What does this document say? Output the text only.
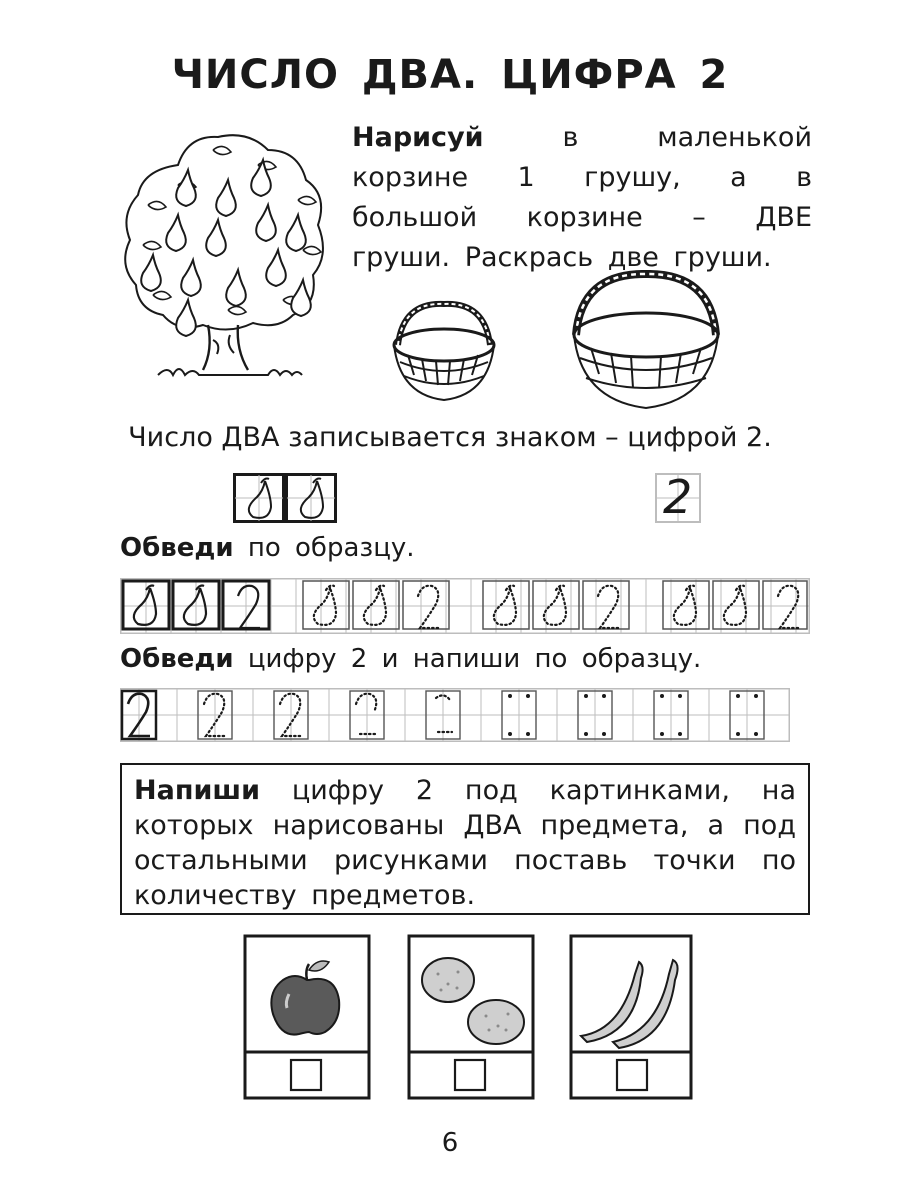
ЧИСЛО ДВА. ЦИФРА 2
Нарисуй в маленькой корзине 1 грушу, а в большой корзине – ДВЕ груши. Раскрась две груши.
Число ДВА записывается знаком – цифрой 2.
2
Обведи по образцу.
Обведи цифру 2 и напиши по образцу.
Напиши цифру 2 под картинками, на которых нарисованы ДВА предмета, а под остальными рисунками поставь точки по количеству предметов.
6
